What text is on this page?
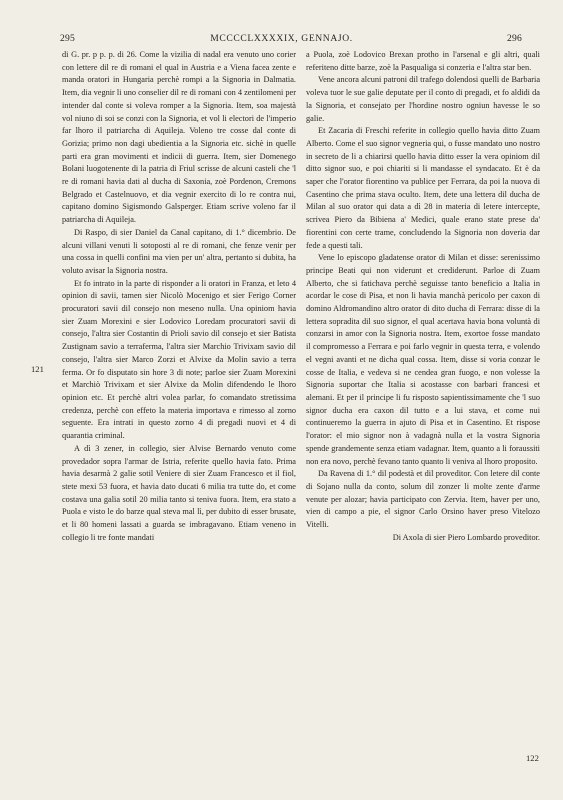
295	MCCCCLXXXXIX, GENNAJO.	296
121
122

di G. pr. p p. p. di 26. Come la vizilia di nadal era venuto uno corier con lettere dil re di romani el qual in Austria e a Viena facea zente e manda oratori in Hungaria perchè rompi a la Signoria in Dalmatia. Item, dia vegnir li uno conselier dil re di romani con 4 zentilomeni per intender dal conte si voleva romper a la Signoria. Item, soa majestà vol niuno di soi se conzi con la Signoria, et vol li electori de l'imperio far lhoro il patriarcha di Aquileja. Voleno tre cosse dal conte di Gorizia; primo non dagi ubedientia a la Signoria etc. sichè in quelle parti era gran movimenti et indicii di guerra. Item, sier Domenego Bolani luogotenente di la patria di Friul scrisse de alcuni casteli che 'l re di romani havia dati al ducha di Saxonia, zoè Pordenon, Cremons Belgrado et Castelnuovo, et dia vegnir exercito di lo re contra nui, capitano domino Sigismondo Galsperger. Etiam scrive voleno far il patriarcha di Aquileja.

Di Raspo, di sier Daniel da Canal capitano, di 1.° dicembrio. De alcuni villani venuti li sotoposti al re di romani, che fenze venir per una cossa in quelli confini ma vien per un' altra, pertanto si dubita, ha voluto avisar la Signoria nostra.

Et fo intrato in la parte di risponder a li oratori in Franza, et leto 4 opinion di savii, tamen sier Nicolò Mocenigo et sier Ferigo Corner procuratori savii dil consejo non meseno nulla. Una opiniom havia sier Zuam Morexini e sier Lodovico Loredam procuratori savii di consejo, l'altra sier Costantin di Prioli savio dil consejo et sier Batista Zustignam savio a terraferma, l'altra sier Marchio Trivixam savio dil consejo, l'altra sier Marco Zorzi et Alvixe da Molin savio a terra ferma. Or fo disputato sin hore 3 di note; parloe sier Zuam Morexini et Marchiò Trivixam et sier Alvixe da Molin difendendo le lhoro opinion etc. Et perchè altri volea parlar, fo comandato stretissima credenza, perchè con effeto la materia importava e rimesso al zorno seguente. Era intrati in questo zorno 4 di pregadi nuovi et 4 di quarantia criminal.

A dì 3 zener, in collegio, sier Alvise Bernardo venuto come provedador sopra l'armar de Istria, referite quello havia fato. Prima havia desarmà 2 galie sotil Veniere di sier Zuam Francesco et il fiol, stete mexi 53 fuora, et havia dato ducati 6 milia tra tutte do, et come costava una galia sotil 20 milia tanto si teniva fuora. Item, era stato a Puola e visto le do barze qual steva mal lì, per dubito di esser brusate, et li 80 homeni lassati a guarda se imbragavano. Etiam veneno in collegio li tre fonte mandati

a Puola, zoè Lodovico Brexan protho in l'arsenal e gli altri, quali referiteno ditte barze, zoè la Pasqualiga si conzeria e l'altra star ben.

Vene ancora alcuni patroni dil trafego dolendosi quelli de Barbaria voleva tuor le sue galie deputate per il conto di pregadi, et fo aldidi da la Signoria, et consejato per l'hordine nostro ogniun havesse le so galie.

Et Zacaria di Freschi referite in collegio quello havia ditto Zuam Alberto. Come el suo signor vegneria qui, o fusse mandato uno nostro in secreto de li a chiarirsi quello havia ditto esser la vera opiniom dil ditto signor suo, e poi chiariti si li mandasse el syndacato. Et è da saper che l'orator fiorentino va publice per Ferrara, da poi la nuova di Casentino che prima stava oculto. Item, dete una lettera dil ducha de Milan al suo orator qui data a dì 28 in materia di letere intercepte, scrivea Piero da Bibiena a' Medici, quale erano state prese da' fiorentini con certe trame, concludendo la Signoria non doveria dar fede a questi tali.

Vene lo episcopo gladatense orator di Milan et disse: serenissimo principe Beati qui non viderunt et crediderunt. Parloe di Zuam Alberto, che si fatichava perchè seguisse tanto beneficio a Italia in acordar le cose di Pisa, et non li havia manchà pericolo per caxon di domino Aldromandino altro orator di dito ducha di Ferrara: disse di la lettera sopradita dil suo signor, el qual acertava havia bona voluntà di conzarsi in amor con la Signoria nostra. Item, exortoe fosse mandato il compromesso a Ferrara e poi farlo vegnir in questa terra, e volendo el vegni avanti et ne dicha qual cossa. Item, disse si voria conzar le cosse de Italia, e vedeva si ne cendea gran fuogo, e non volesse la Signoria suportar che Italia si acostasse con barbari francesi et alemani. Et per il principe li fu risposto sapientissimamente che 'l suo signor ducha era caxon dil tutto e a lui stava, et come nui continueremo la guerra in ajuto di Pisa et in Casentino. Et rispose l'orator: el mio signor non à vadagnà nulla et la vostra Signoria spende grandemente senza etiam vadagnar. Item, quanto a li foraussiti non era novo, perchè fevano tanto quanto li veniva al lhoro proposito.

Da Ravena di 1.° dil podestà et dil proveditor. Con letere dil conte di Sojano nulla da conto, solum dil zonzer li molte zente d'arme venute per alozar; havia participato con Zervia. Item, haver per uno, vien di campo a pie, el signor Carlo Orsino haver preso Vitelozo Vitelli.

Di Axola di sier Piero Lombardo proveditor.
